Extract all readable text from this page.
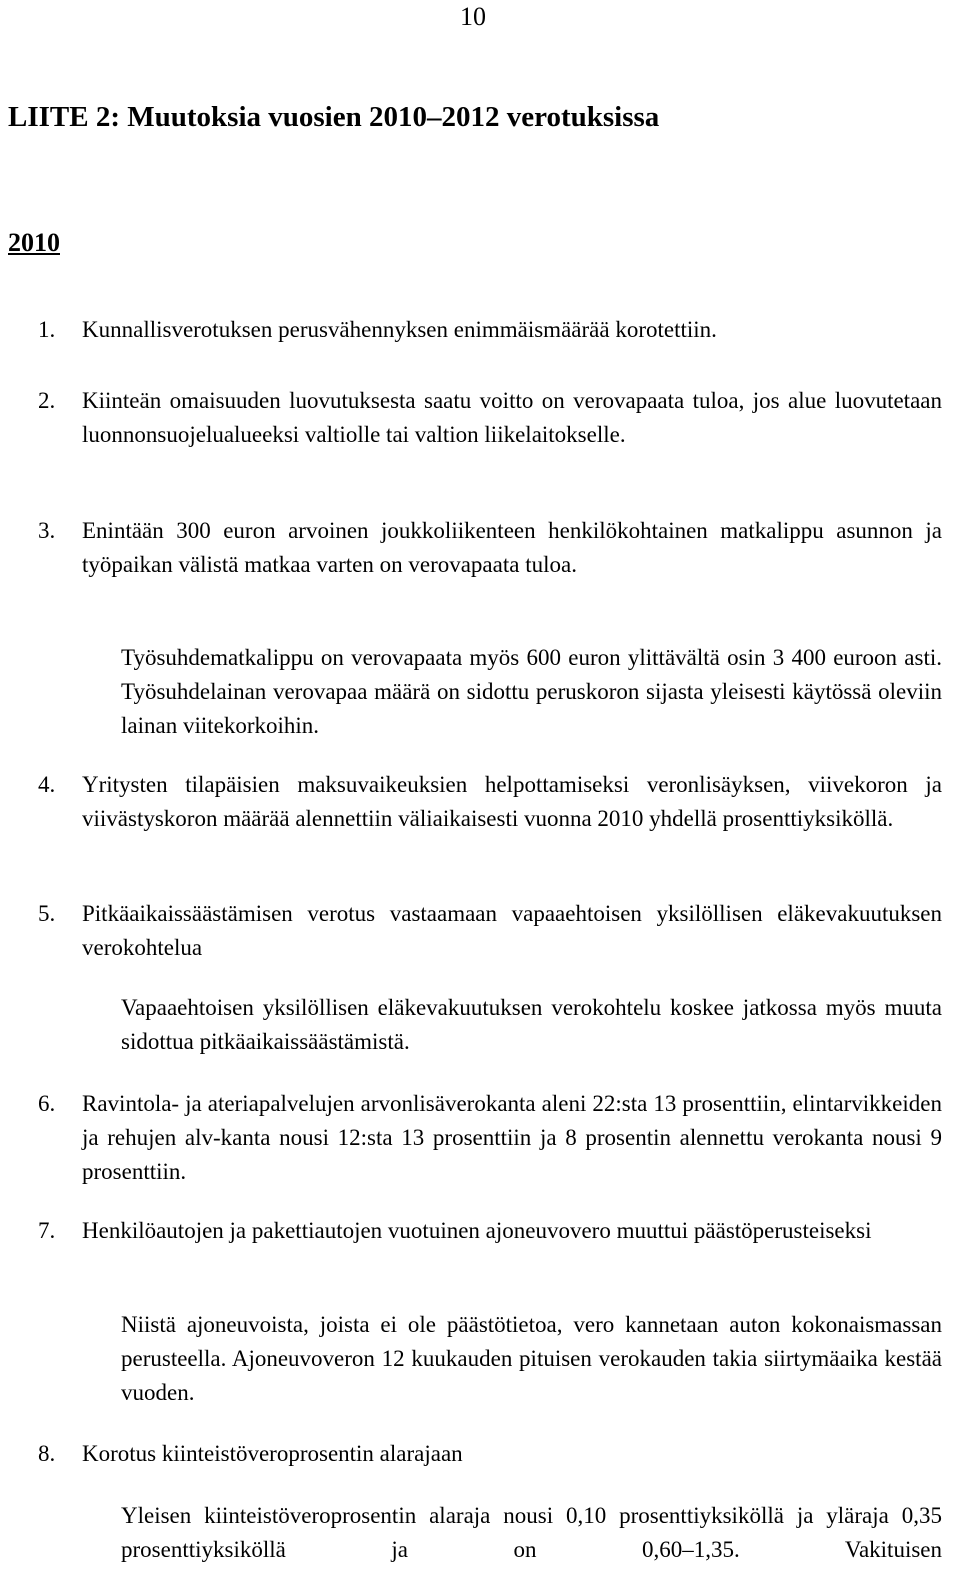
10
LIITE 2: Muutoksia vuosien 2010–2012 verotuksissa
2010
1. Kunnallisverotuksen perusvähennyksen enimmäismäärää korotettiin.
2. Kiinteän omaisuuden luovutuksesta saatu voitto on verovapaata tuloa, jos alue luovutetaan luonnonsuojelualueeksi valtiolle tai valtion liikelaitokselle.
3. Enintään 300 euron arvoinen joukkoliikenteen henkilökohtainen matkalippu asunnon ja työpaikan välistä matkaa varten on verovapaata tuloa.
Työsuhdematkalippu on verovapaata myös 600 euron ylittävältä osin 3 400 euroon asti. Työsuhdelainan verovapaa määrä on sidottu peruskoron sijasta yleisesti käytössä oleviin lainan viitekorkoihin.
4. Yritysten tilapäisien maksuvaikeuksien helpottamiseksi veronlisäyksen, viivekoron ja viivästyskoron määrää alennettiin väliaikaisesti vuonna 2010 yhdellä prosenttiyksiköllä.
5. Pitkäaikaissäästämisen verotus vastaamaan vapaaehtoisen yksilöllisen eläkevakuutuksen verokohtelua
Vapaaehtoisen yksilöllisen eläkevakuutuksen verokohtelu koskee jatkossa myös muuta sidottua pitkäaikaissäästämistä.
6. Ravintola- ja ateriapalvelujen arvonlisäverokanta aleni 22:sta 13 prosenttiin, elintarvikkeiden ja rehujen alv-kanta nousi 12:sta 13 prosenttiin ja 8 prosentin alennettu verokanta nousi 9 prosenttiin.
7. Henkilöautojen ja pakettiautojen vuotuinen ajoneuvovero muuttui päästöperusteiseksi
Niistä ajoneuvoista, joista ei ole päästötietoa, vero kannetaan auton kokonaismassan perusteella. Ajoneuvoveron 12 kuukauden pituisen verokauden takia siirtymäaika kestää vuoden.
8. Korotus kiinteistöveroprosentin alarajaan
Yleisen kiinteistöveroprosentin alaraja nousi 0,10 prosenttiyksiköllä ja yläraja 0,35 prosenttiyksiköllä ja on 0,60–1,35. Vakituisen
